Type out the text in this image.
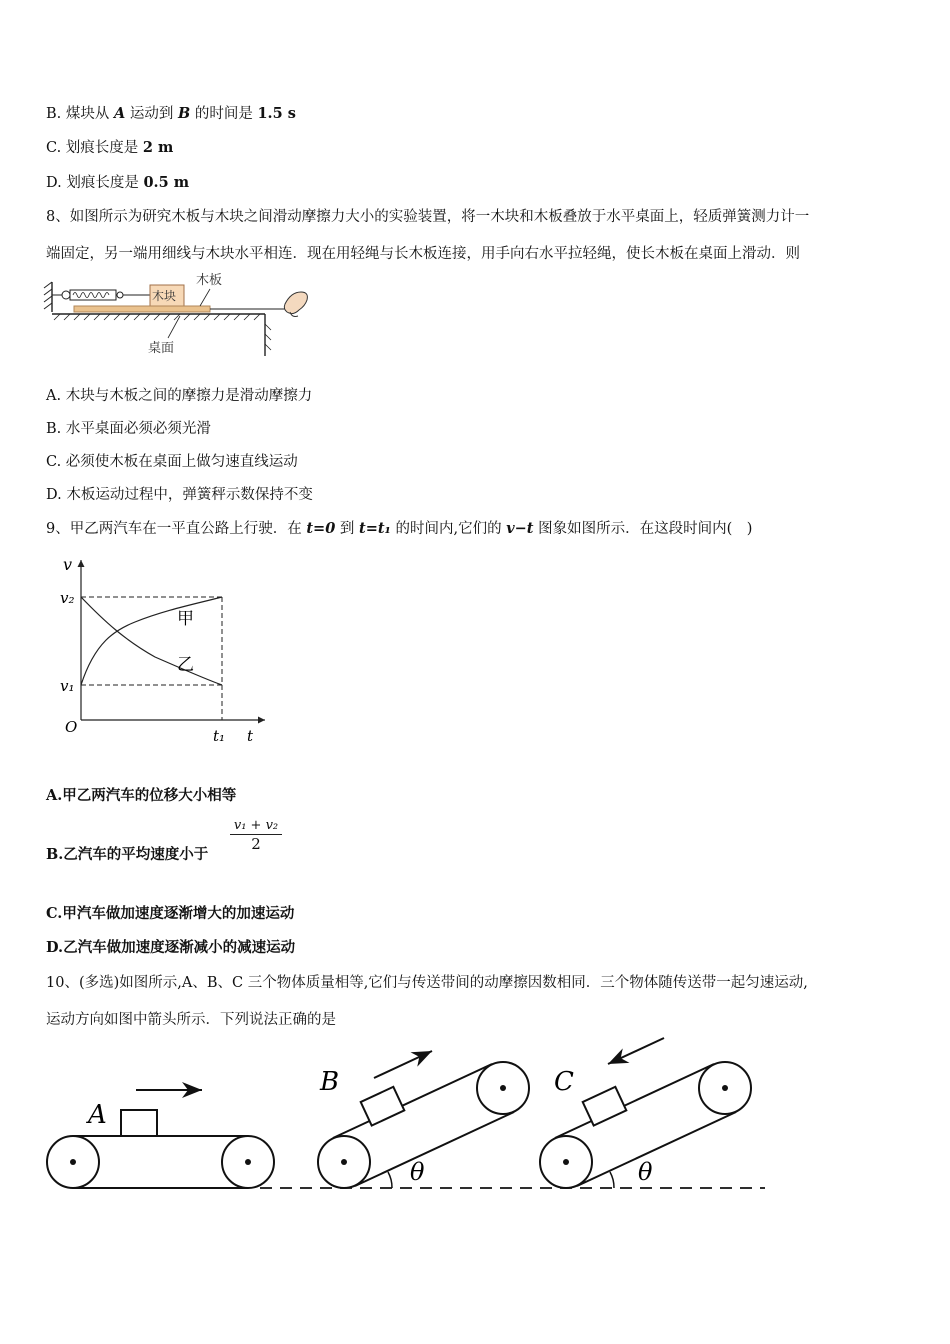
B. 煤块从 A 运动到 B 的时间是 1.5 s
C. 划痕长度是 2 m
D. 划痕长度是 0.5 m
8、如图所示为研究木板与木块之间滑动摩擦力大小的实验装置，将一木块和木板叠放于水平桌面上，轻质弹簧测力计一
端固定，另一端用细线与木块水平相连．现在用轻绳与长木板连接，用手向右水平拉轻绳，使长木板在桌面上滑动．则
木块
木板
桌面
A. 木块与木板之间的摩擦力是滑动摩擦力
B. 水平桌面必须必须光滑
C. 必须使木板在桌面上做匀速直线运动
D. 木板运动过程中，弹簧秤示数保持不变
9、甲乙两汽车在一平直公路上行驶．在 t=0 到 t=t₁ 的时间内,它们的 v−t 图象如图所示．在这段时间内(　)
v
v₂
v₁
O	t₁ t
甲
乙
A.甲乙两汽车的位移大小相等
B.乙汽车的平均速度小于
$\frac{\text{v₁ + v₂}}{2}$
C.甲汽车做加速度逐渐增大的加速运动
D.乙汽车做加速度逐渐减小的减速运动
10、(多选)如图所示,A、B、C 三个物体质量相等,它们与传送带间的动摩擦因数相同．三个物体随传送带一起匀速运动,
运动方向如图中箭头所示．下列说法正确的是
A
B
θ
C
θ
